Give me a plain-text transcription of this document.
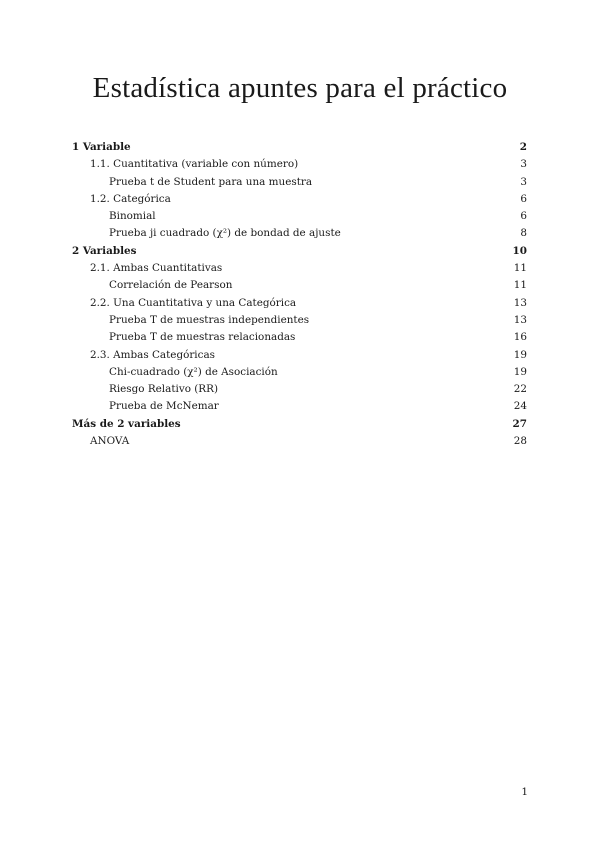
Estadística apuntes para el práctico
1 Variable	2
1.1. Cuantitativa (variable con número)	3
Prueba t de Student para una muestra	3
1.2. Categórica	6
Binomial	6
Prueba ji cuadrado (χ²) de bondad de ajuste	8
2 Variables	10
2.1. Ambas Cuantitativas	11
Correlación de Pearson	11
2.2. Una Cuantitativa y una Categórica	13
Prueba T de muestras independientes	13
Prueba T de muestras relacionadas	16
2.3. Ambas Categóricas	19
Chi-cuadrado (χ²) de Asociación	19
Riesgo Relativo (RR)	22
Prueba de McNemar	24
Más de 2 variables	27
ANOVA	28
1
